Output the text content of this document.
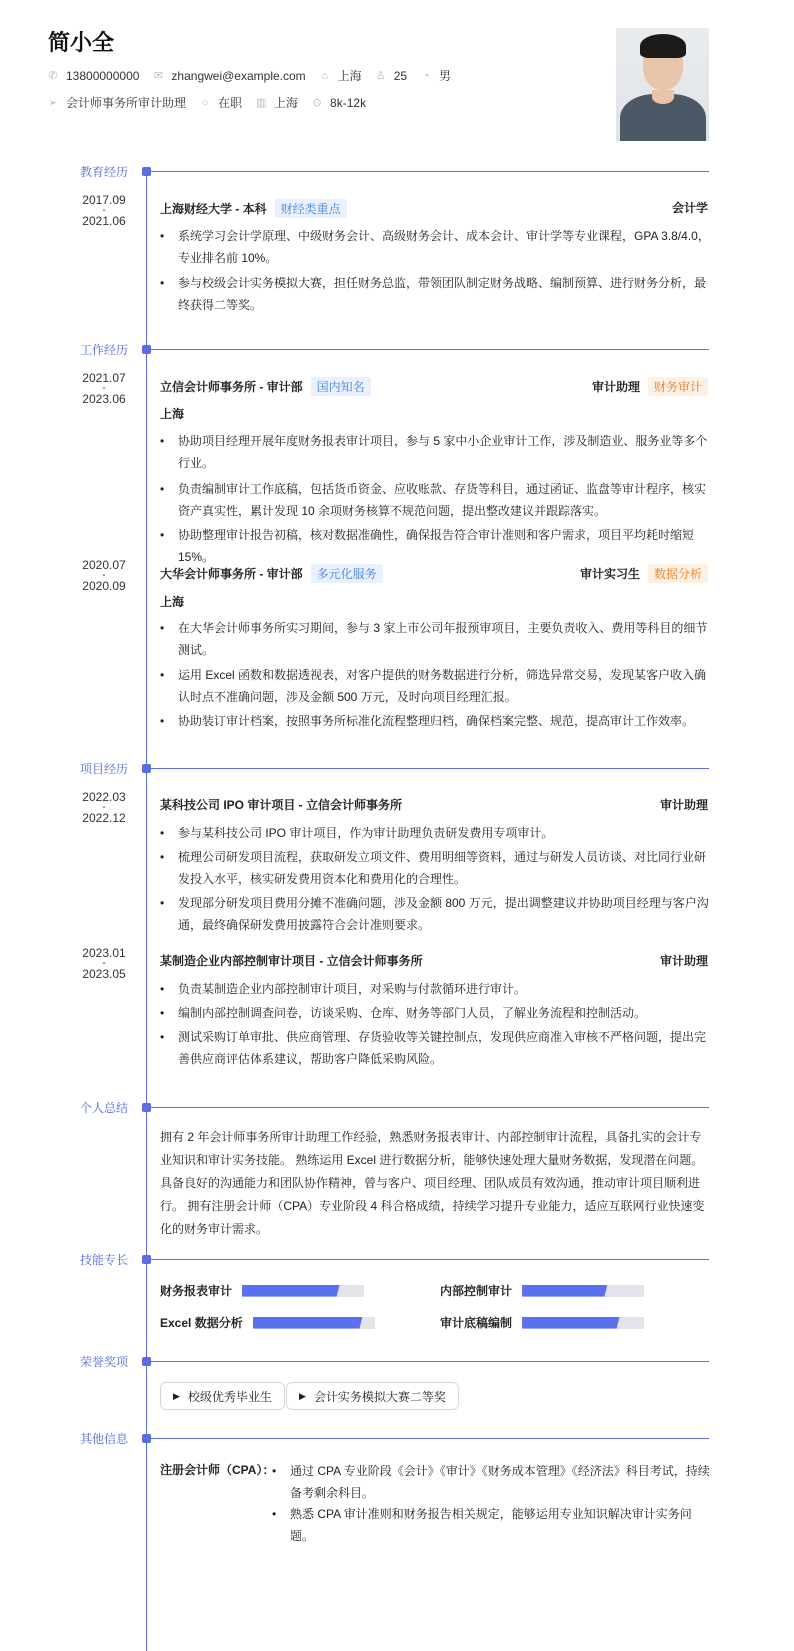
简小全
✆ 13800000000 ✉ zhangwei@example.com ⌂ 上海 ♙ 25 ◔ 男
➢ 会计师事务所审计助理 ○ 在职 ▥ 上海 ⊙ 8k-12k
教育经历
工作经历
项目经历
个人总结
技能专长
荣誉奖项
其他信息
2017.09
-
2021.06
上海财经大学 - 本科	财经类重点	会计学
• 系统学习会计学原理、中级财务会计、高级财务会计、成本会计、审计学等专业课程，GPA 3.8/4.0，专业排名前 10%。
• 参与校级会计实务模拟大赛，担任财务总监，带领团队制定财务战略、编制预算、进行财务分析，最终获得二等奖。
2021.07
-
2023.06
立信会计师事务所 - 审计部	国内知名	审计助理	财务审计
上海
• 协助项目经理开展年度财务报表审计项目，参与 5 家中小企业审计工作，涉及制造业、服务业等多个行业。
• 负责编制审计工作底稿，包括货币资金、应收账款、存货等科目，通过函证、监盘等审计程序，核实资产真实性，累计发现 10 余项财务核算不规范问题，提出整改建议并跟踪落实。
• 协助整理审计报告初稿，核对数据准确性，确保报告符合审计准则和客户需求，项目平均耗时缩短 15%。
2020.07
-
2020.09
大华会计师事务所 - 审计部	多元化服务	审计实习生	数据分析
上海
• 在大华会计师事务所实习期间，参与 3 家上市公司年报预审项目，主要负责收入、费用等科目的细节测试。
• 运用 Excel 函数和数据透视表，对客户提供的财务数据进行分析，筛选异常交易，发现某客户收入确认时点不准确问题，涉及金额 500 万元，及时向项目经理汇报。
• 协助装订审计档案，按照事务所标准化流程整理归档，确保档案完整、规范，提高审计工作效率。
2022.03
-
2022.12
某科技公司 IPO 审计项目 - 立信会计师事务所	审计助理
• 参与某科技公司 IPO 审计项目，作为审计助理负责研发费用专项审计。
• 梳理公司研发项目流程，获取研发立项文件、费用明细等资料，通过与研发人员访谈、对比同行业研发投入水平，核实研发费用资本化和费用化的合理性。
• 发现部分研发项目费用分摊不准确问题，涉及金额 800 万元，提出调整建议并协助项目经理与客户沟通，最终确保研发费用披露符合会计准则要求。
2023.01
-
2023.05
某制造企业内部控制审计项目 - 立信会计师事务所	审计助理
• 负责某制造企业内部控制审计项目，对采购与付款循环进行审计。
• 编制内部控制调查问卷，访谈采购、仓库、财务等部门人员，了解业务流程和控制活动。
• 测试采购订单审批、供应商管理、存货验收等关键控制点，发现供应商准入审核不严格问题，提出完善供应商评估体系建议，帮助客户降低采购风险。
拥有 2 年会计师事务所审计助理工作经验，熟悉财务报表审计、内部控制审计流程，具备扎实的会计专业知识和审计实务技能。 熟练运用 Excel 进行数据分析，能够快速处理大量财务数据，发现潜在问题。 具备良好的沟通能力和团队协作精神，曾与客户、项目经理、团队成员有效沟通，推动审计项目顺利进行。 拥有注册会计师（CPA）专业阶段 4 科合格成绩，持续学习提升专业能力，适应互联网行业快速变化的财务审计需求。
财务报表审计	内部控制审计
Excel 数据分析	审计底稿编制
▶ 校级优秀毕业生	▶ 会计实务模拟大赛二等奖
注册会计师（CPA）：	• 通过 CPA 专业阶段《会计》《审计》《财务成本管理》《经济法》科目考试，持续备考剩余科目。
• 熟悉 CPA 审计准则和财务报告相关规定，能够运用专业知识解决审计实务问题。
